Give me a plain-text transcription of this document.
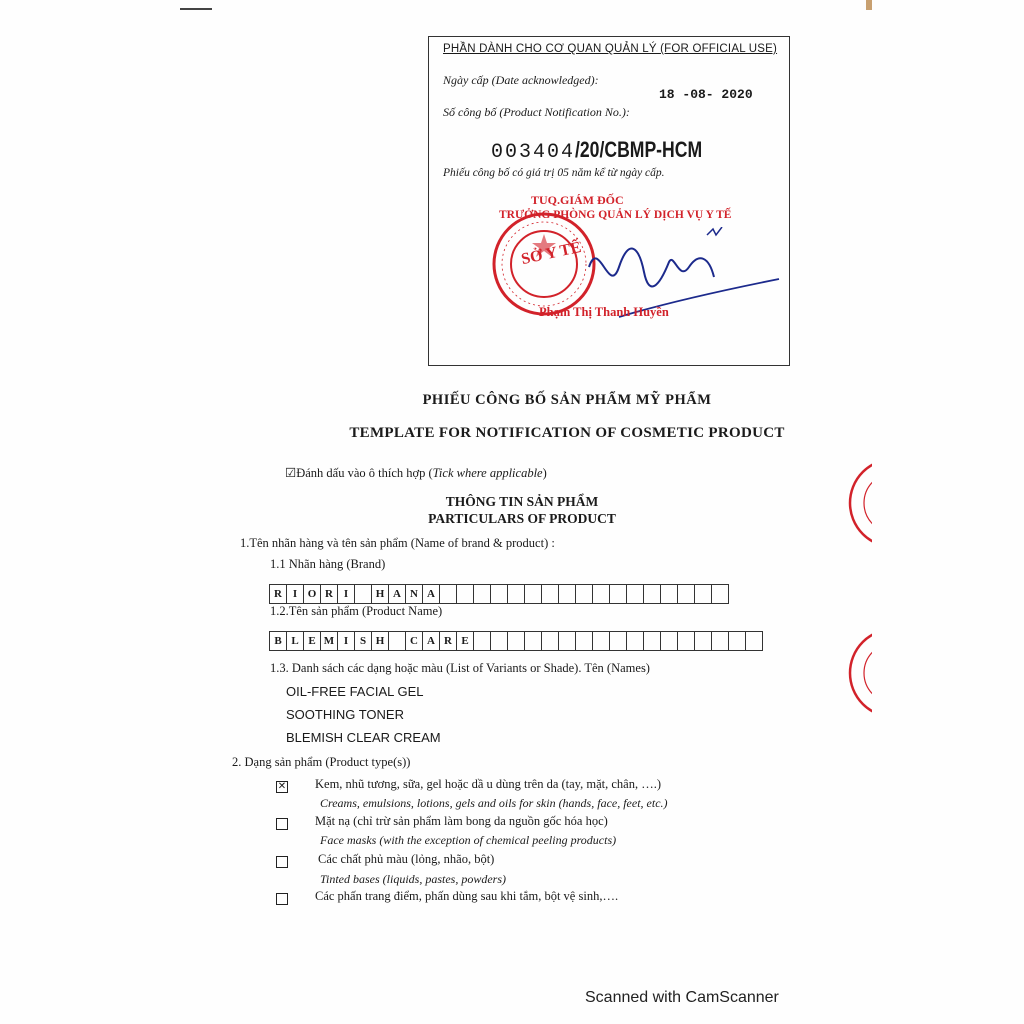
PHẦN DÀNH CHO CƠ QUAN QUẢN LÝ (FOR OFFICIAL USE)
Ngày cấp (Date acknowledged):
18 -08- 2020
Số công bố (Product Notification No.):
003404/20/CBMP-HCM
Phiếu công bố có giá trị 05 năm kể từ ngày cấp.
TUQ.GIÁM ĐỐC
TRƯỞNG PHÒNG QUẢN LÝ DỊCH VỤ Y TẾ
SỞ Y TẾ
Phạm Thị Thanh Huyền
PHIẾU CÔNG BỐ SẢN PHẨM MỸ PHẨM
TEMPLATE FOR NOTIFICATION OF COSMETIC PRODUCT
☑Đánh dấu vào ô thích hợp (Tick where applicable)
THÔNG TIN SẢN PHẨM
PARTICULARS OF PRODUCT
1.Tên nhãn hàng và tên sản phẩm (Name of brand & product) :
1.1 Nhãn hàng (Brand)
R I O R I	H A N A
1.2.Tên sản phẩm (Product Name)
B L E M I	S H	C A R E
1.3. Danh sách các dạng hoặc màu (List of Variants or Shade). Tên (Names)
OIL-FREE FACIAL GEL
SOOTHING TONER
BLEMISH CLEAR CREAM
2. Dạng sản phẩm (Product type(s))
✕ Kem, nhũ tương, sữa, gel hoặc dầ u dùng trên da (tay, mặt, chân, ….)
Creams, emulsions, lotions, gels and oils for skin (hands, face, feet, etc.)
Mặt nạ (chỉ trừ sản phẩm làm bong da nguồn gốc hóa học)
Face masks (with the exception of chemical peeling products)
Các chất phủ màu (lỏng, nhão, bột)
Tinted bases (liquids, pastes, powders)
Các phấn trang điểm, phấn dùng sau khi tắm, bột vệ sinh,….
Scanned with CamScanner
